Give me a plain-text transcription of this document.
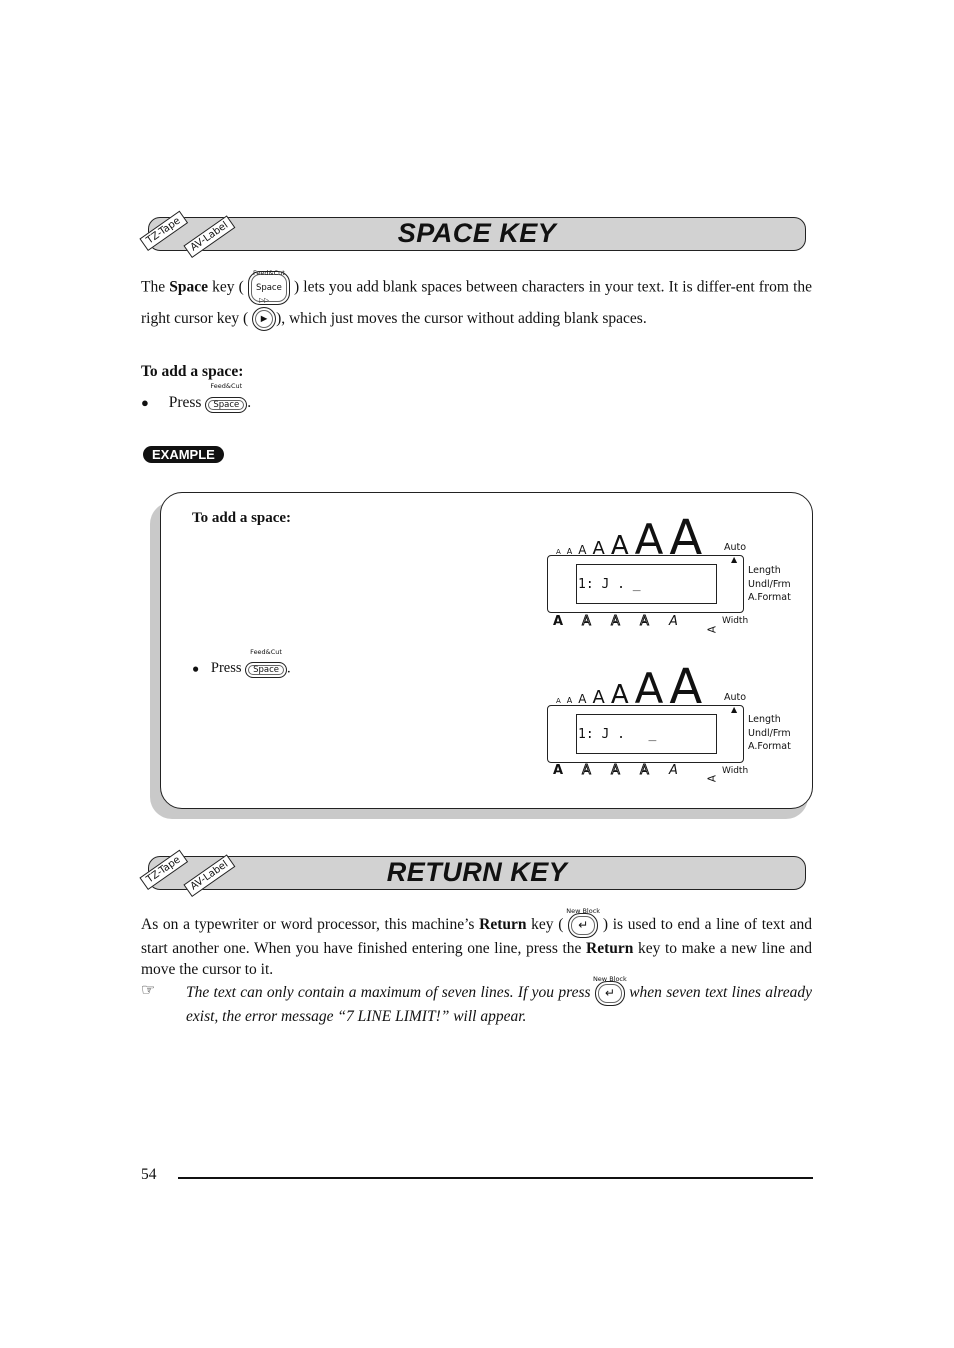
TZ-Tape AV-Label	SPACE KEY
The Space key (
Feed&Cut
Space ) lets you add blank spaces between characters in your text. It is differ-ent from the right cursor key (
▷▷
► ), which just moves the cursor without adding blank spaces.
To add a space:
● Press
Feed&Cut
Space .
EXAMPLE
To add a space:
● Press
Feed&Cut
Space .
A A A A A A A	Auto
▲
1: J . _
Length
Undl/Frm
A.Format
A A A A AA
Width
A A A A A A A	Auto
▲
1: J .   _
Length
Undl/Frm
A.Format
A A A A AA
Width
TZ-Tape AV-Label	RETURN KEY
As on a typewriter or word processor, this machine’s Return key (
New Block
↵ ) is used to end a line of text and start another one. When you have finished entering one line, press the Return key to make a new line and move the cursor to it.
☞ The text can only contain a maximum of seven lines. If you press
New Block
↵ when seven text lines already exist, the error message “7 LINE LIMIT!” will appear.
54
